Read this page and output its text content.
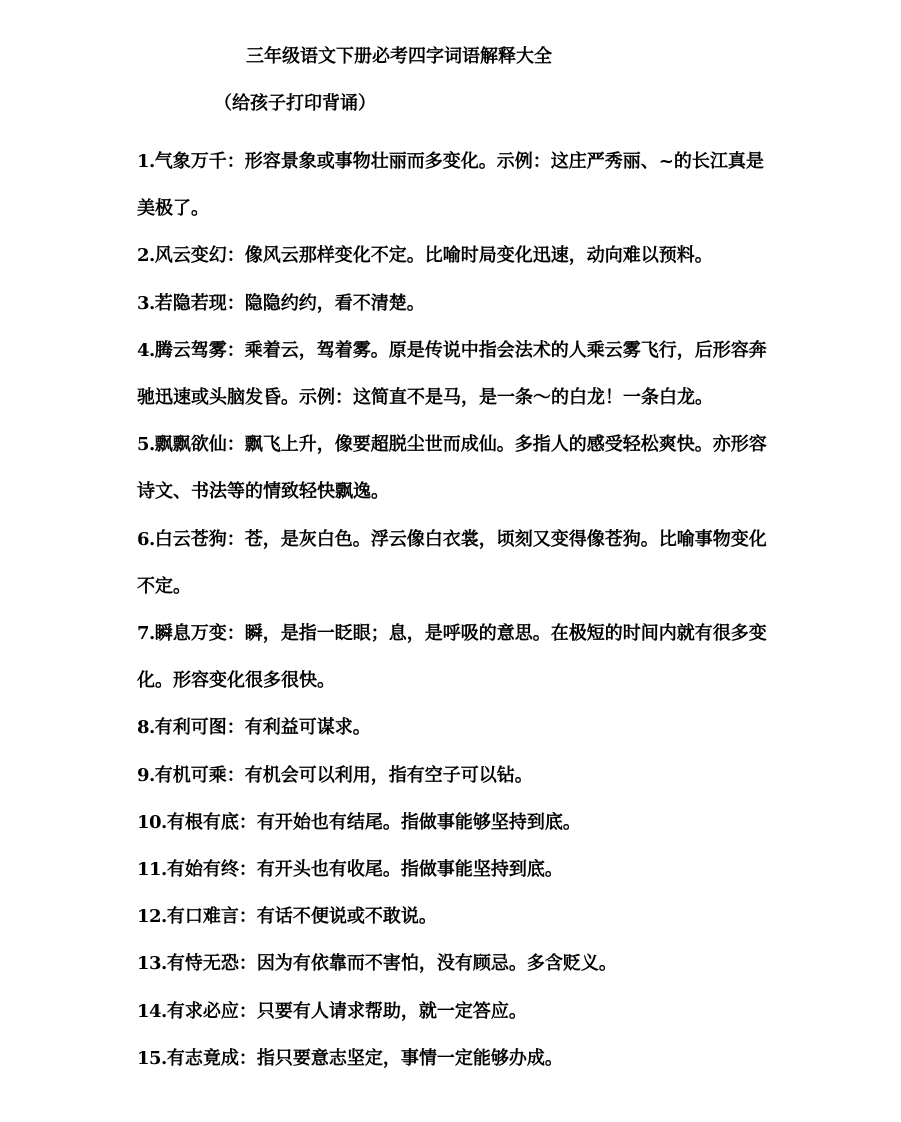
三年级语文下册必考四字词语解释大全
（给孩子打印背诵）
1.气象万千：形容景象或事物壮丽而多变化。示例：这庄严秀丽、~的长江真是美极了。
2.风云变幻：像风云那样变化不定。比喻时局变化迅速，动向难以预料。
3.若隐若现：隐隐约约，看不清楚。
4.腾云驾雾：乘着云，驾着雾。原是传说中指会法术的人乘云雾飞行，后形容奔驰迅速或头脑发昏。示例：这简直不是马，是一条～的白龙！一条白龙。
5.飘飘欲仙：飘飞上升，像要超脱尘世而成仙。多指人的感受轻松爽快。亦形容诗文、书法等的情致轻快飘逸。
6.白云苍狗：苍，是灰白色。浮云像白衣裳，顷刻又变得像苍狗。比喻事物变化不定。
7.瞬息万变：瞬，是指一眨眼；息，是呼吸的意思。在极短的时间内就有很多变化。形容变化很多很快。
8.有利可图：有利益可谋求。
9.有机可乘：有机会可以利用，指有空子可以钻。
10.有根有底：有开始也有结尾。指做事能够坚持到底。
11.有始有终：有开头也有收尾。指做事能坚持到底。
12.有口难言：有话不便说或不敢说。
13.有恃无恐：因为有依靠而不害怕，没有顾忌。多含贬义。
14.有求必应：只要有人请求帮助，就一定答应。
15.有志竟成：指只要意志坚定，事情一定能够办成。
